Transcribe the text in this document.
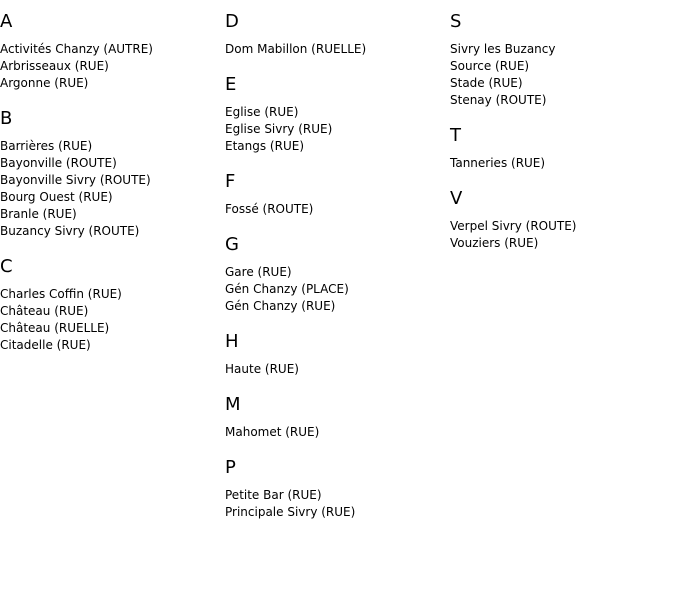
A
Activités Chanzy (AUTRE)
Arbrisseaux (RUE)
Argonne (RUE)
B
Barrières (RUE)
Bayonville (ROUTE)
Bayonville Sivry (ROUTE)
Bourg Ouest (RUE)
Branle (RUE)
Buzancy Sivry (ROUTE)
C
Charles Coffin (RUE)
Château (RUE)
Château (RUELLE)
Citadelle (RUE)
D
Dom Mabillon (RUELLE)
E
Eglise (RUE)
Eglise Sivry (RUE)
Etangs (RUE)
F
Fossé (ROUTE)
G
Gare (RUE)
Gén Chanzy (PLACE)
Gén Chanzy (RUE)
H
Haute (RUE)
M
Mahomet (RUE)
P
Petite Bar (RUE)
Principale Sivry (RUE)
S
Sivry les Buzancy
Source (RUE)
Stade (RUE)
Stenay (ROUTE)
T
Tanneries (RUE)
V
Verpel Sivry (ROUTE)
Vouziers (RUE)
